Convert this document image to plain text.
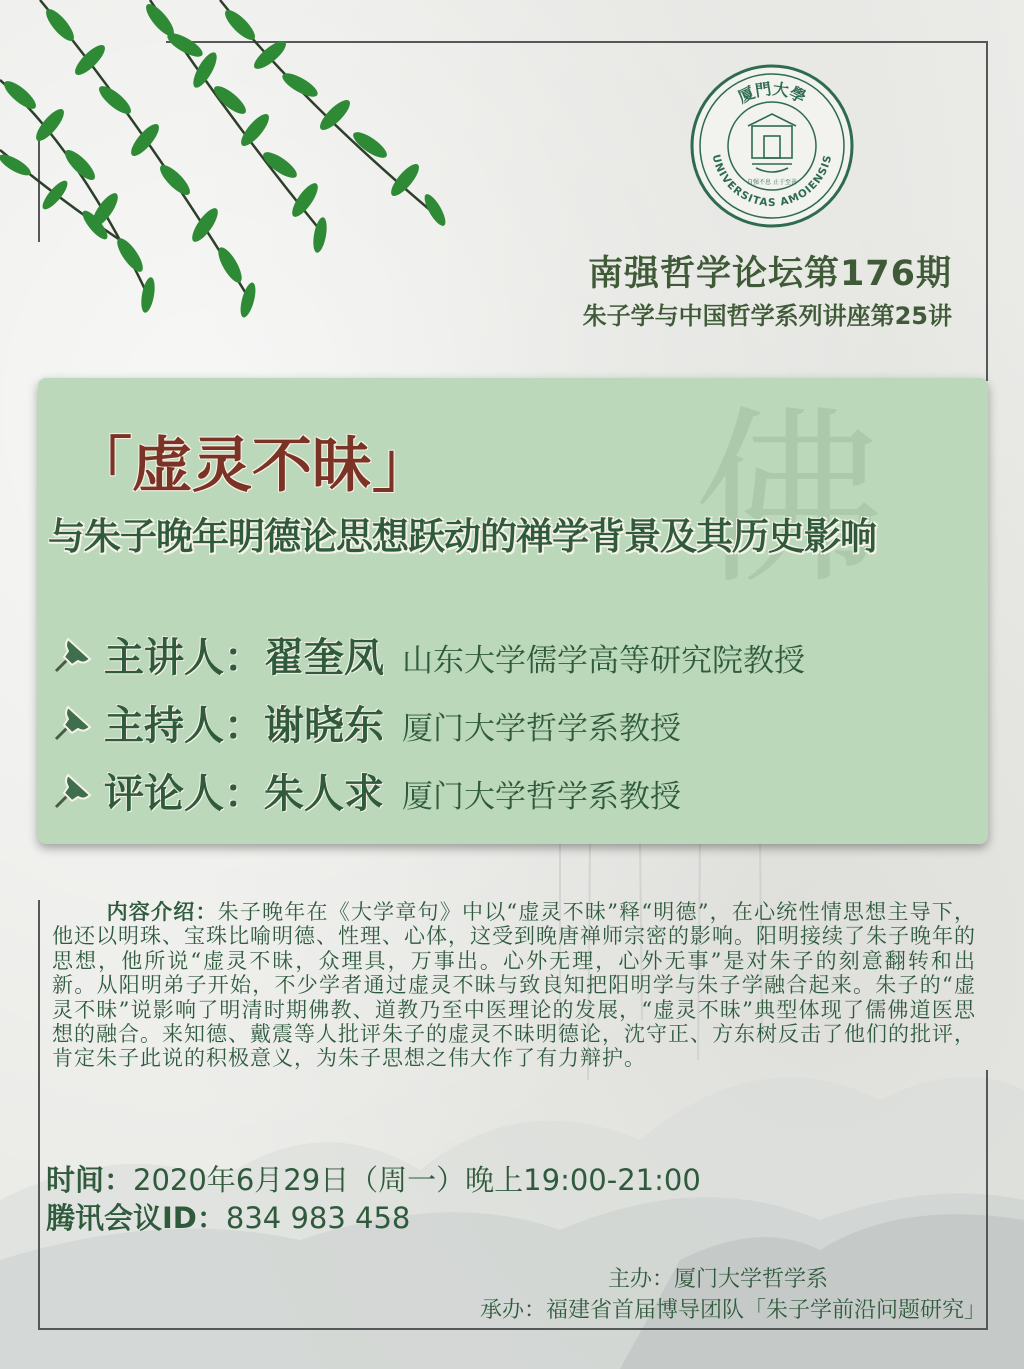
厦門大學
UNIVERSITAS AMOIENSIS
自强不息 止于至善
南强哲学论坛第176期
朱子学与中国哲学系列讲座第25讲
佛
「虚灵不昧」
与朱子晚年明德论思想跃动的禅学背景及其历史影响
主讲人： 翟奎凤 山东大学儒学高等研究院教授
主持人： 谢晓东 厦门大学哲学系教授
评论人： 朱人求 厦门大学哲学系教授
内容介绍：朱子晚年在《大学章句》中以“虚灵不昧”释“明德”，在心统性情思想主导下，他还以明珠、宝珠比喻明德、性理、心体，这受到晚唐禅师宗密的影响。阳明接续了朱子晚年的思想，他所说“虚灵不昧，众理具，万事出。心外无理，心外无事”是对朱子的刻意翻转和出新。从阳明弟子开始，不少学者通过虚灵不昧与致良知把阳明学与朱子学融合起来。朱子的“虚灵不昧”说影响了明清时期佛教、道教乃至中医理论的发展，“虚灵不昧”典型体现了儒佛道医思想的融合。来知德、戴震等人批评朱子的虚灵不昧明德论，沈守正、方东树反击了他们的批评，肯定朱子此说的积极意义，为朱子思想之伟大作了有力辩护。
时间：2020年6月29日（周一）晚上19:00-21:00
腾讯会议ID：834 983 458
主办：厦门大学哲学系
承办：福建省首届博导团队「朱子学前沿问题研究」
